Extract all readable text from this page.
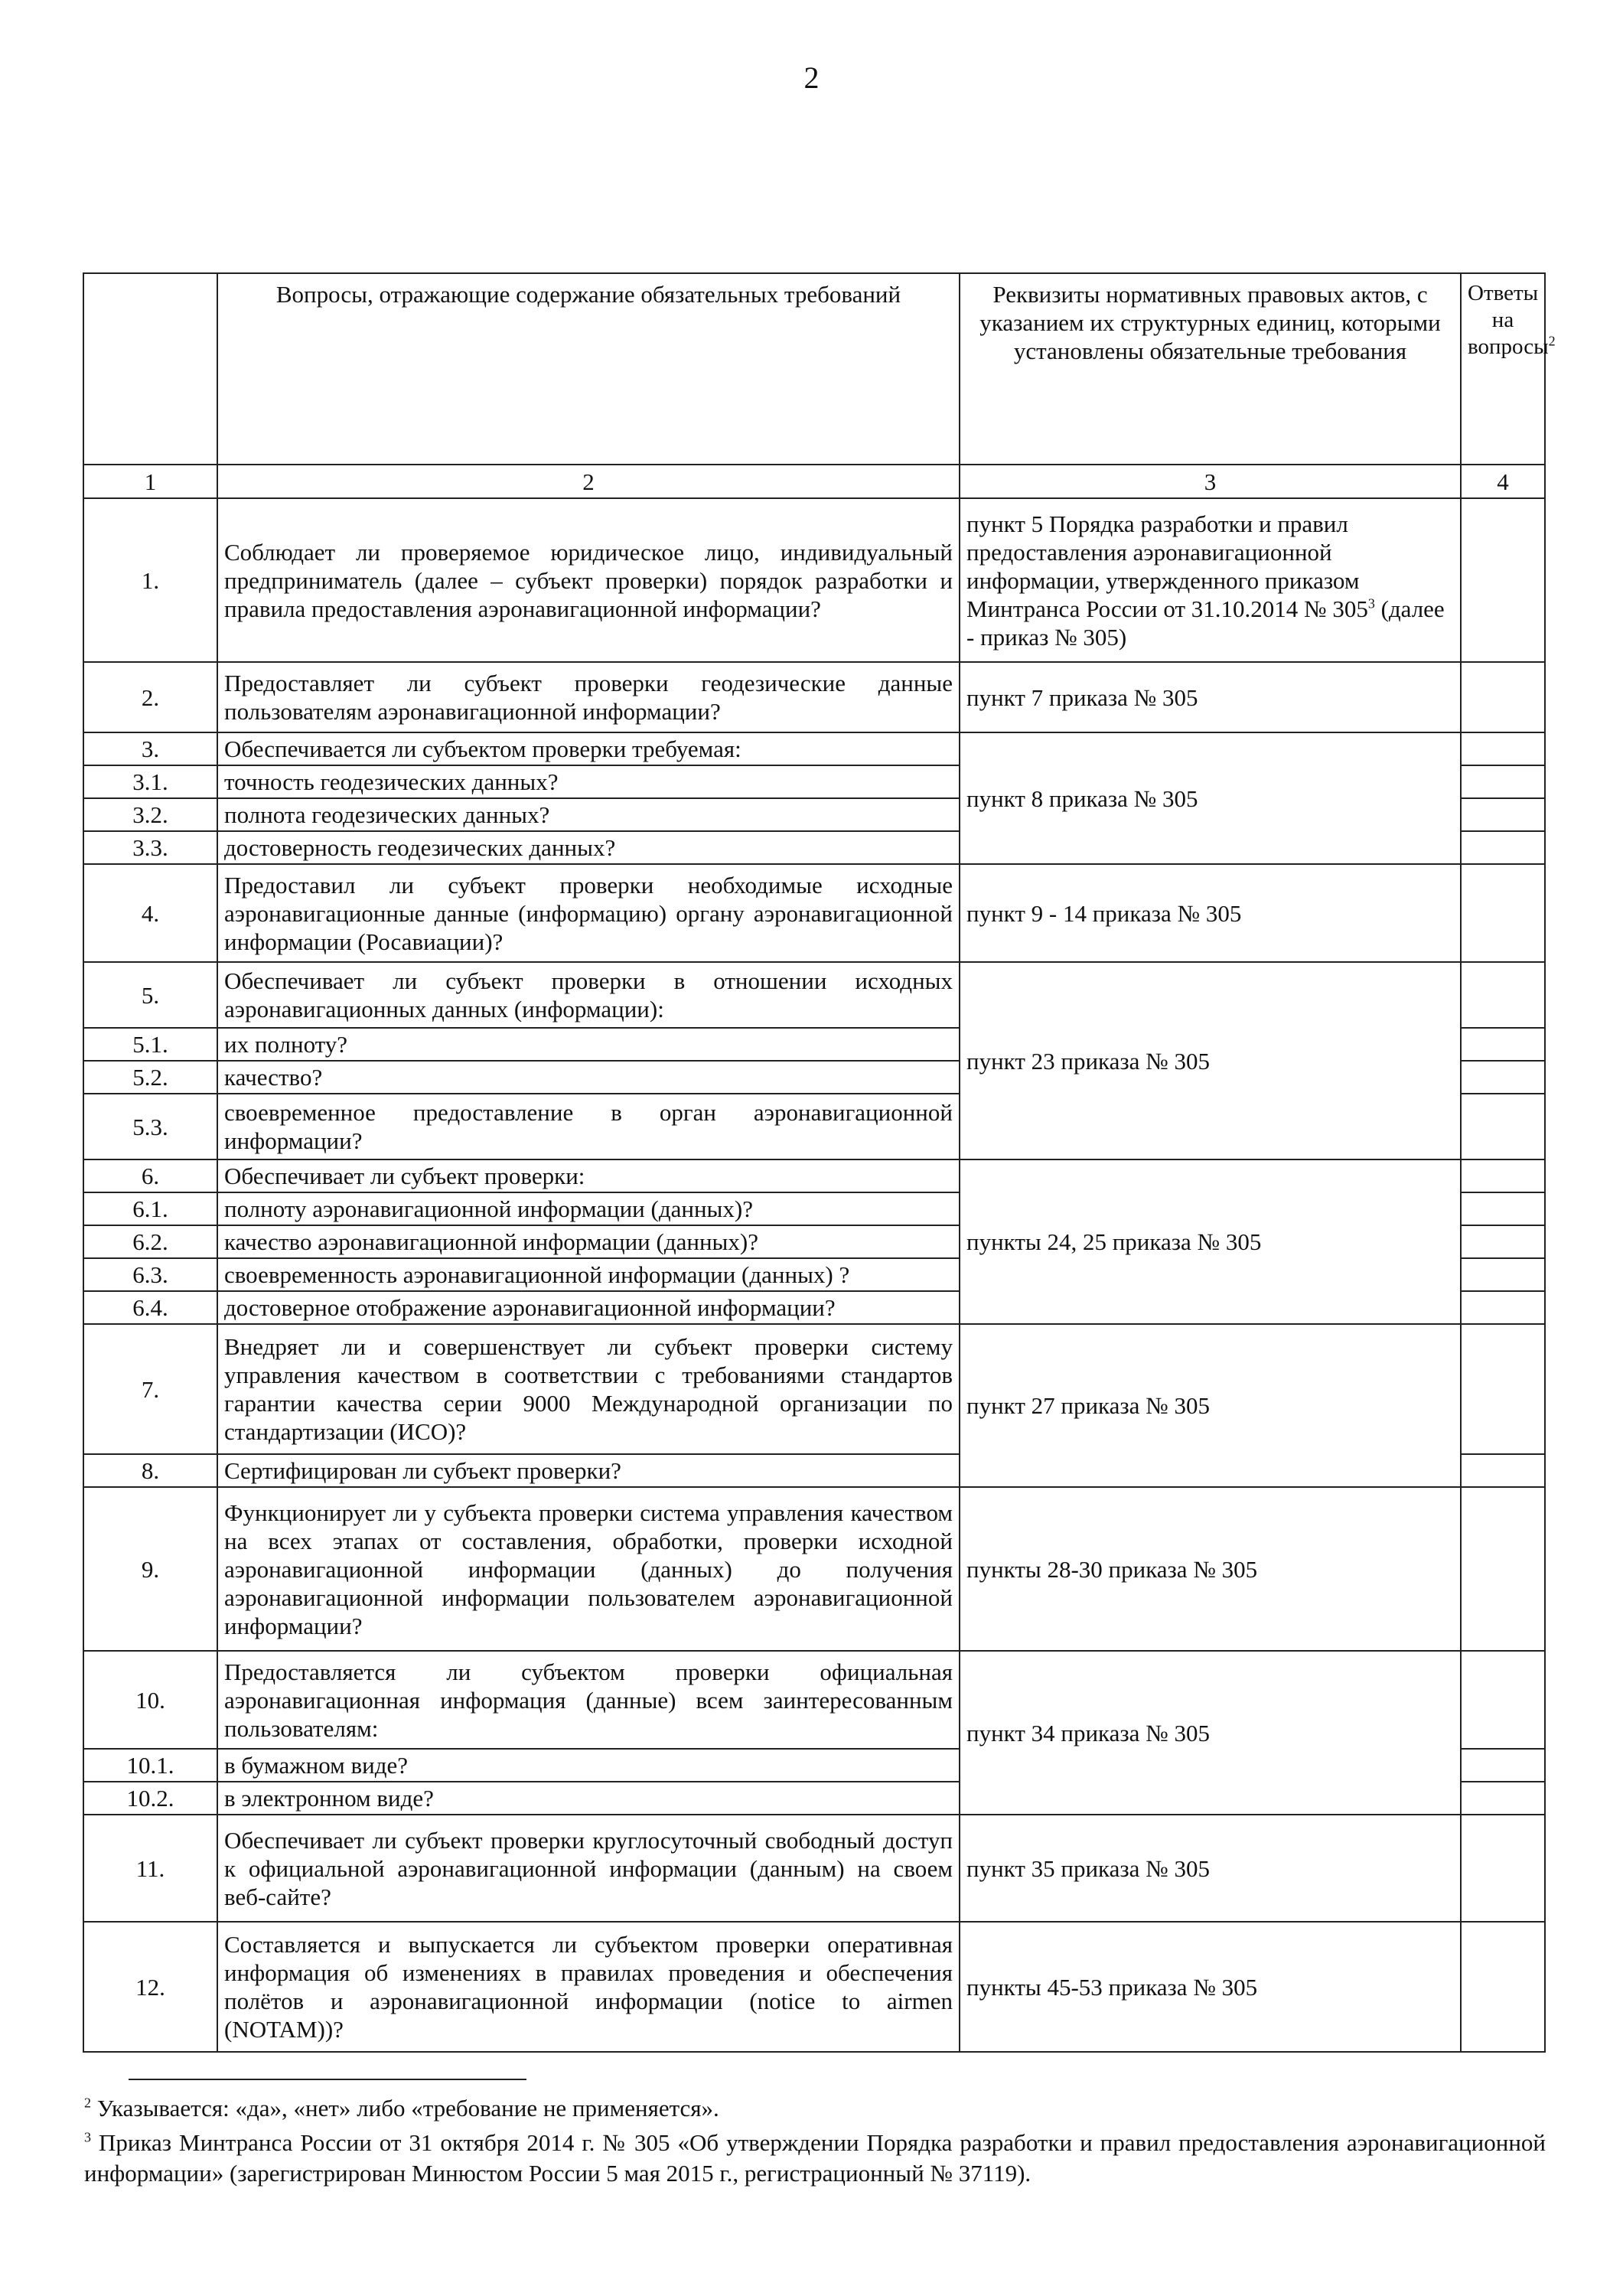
2
	Вопросы, отражающие содержание обязательных требований	Реквизиты нормативных правовых актов, с указанием их структурных единиц, которыми установлены обязательные требования	Ответы на вопросы$^2$
1	2	3	4
1.	Соблюдает ли проверяемое юридическое лицо, индивидуальный предприниматель (далее – субъект проверки) порядок разработки и правила предоставления аэронавигационной информации?	пункт 5 Порядка разработки и правил предоставления аэронавигационной информации, утвержденного приказом Минтранса России от 31.10.2014 № $305^3$ (далее - приказ № 305)	
2.	Предоставляет ли субъект проверки геодезические данные пользователям аэронавигационной информации?	пункт 7 приказа № 305	
3.	Обеспечивается ли субъектом проверки требуемая:	пункт 8 приказа № 305	
3.1.	точность геодезических данных?		
3.2.	полнота геодезических данных?		
3.3.	достоверность геодезических данных?		
4.	Предоставил ли субъект проверки необходимые исходные аэронавигационные данные (информацию) органу аэронавигационной информации (Росавиации)?	пункт 9 - 14 приказа № 305	
5.	Обеспечивает ли субъект проверки в отношении исходных аэронавигационных данных (информации):	пункт 23 приказа № 305	
5.1.	их полноту?		
5.2.	качество?		
5.3.	своевременное предоставление в орган аэронавигационной информации?		
6.	Обеспечивает ли субъект проверки:	пункты 24, 25 приказа № 305	
6.1.	полноту аэронавигационной информации (данных)?		
6.2.	качество аэронавигационной информации (данных)?		
6.3.	своевременность аэронавигационной информации (данных) ?		
6.4.	достоверное отображение аэронавигационной информации?		
7.	Внедряет ли и совершенствует ли субъект проверки систему управления качеством в соответствии с требованиями стандартов гарантии качества серии 9000 Международной организации по стандартизации (ИСО)?	пункт 27 приказа № 305	
8.	Сертифицирован ли субъект проверки?		
9.	Функционирует ли у субъекта проверки система управления качеством на всех этапах от составления, обработки, проверки исходной аэронавигационной информации (данных) до получения аэронавигационной информации пользователем аэронавигационной информации?	пункты 28-30 приказа № 305	
10.	Предоставляется ли субъектом проверки официальная аэронавигационная информация (данные) всем заинтересованным пользователям:	пункт 34 приказа № 305	
10.1.	в бумажном виде?		
10.2.	в электронном виде?		
11.	Обеспечивает ли субъект проверки круглосуточный свободный доступ к официальной аэронавигационной информации (данным) на своем веб-сайте?	пункт 35 приказа № 305	
12.	Составляется и выпускается ли субъектом проверки оперативная информация об изменениях в правилах проведения и обеспечения полётов и аэронавигационной информации (notice to airmen (NOTAM))?	пункты 45-53 приказа № 305	
$^2$ Указывается: «да», «нет» либо «требование не применяется».
$^3$ Приказ Минтранса России от 31 октября 2014 г. № 305 «Об утверждении Порядка разработки и правил предоставления аэронавигационной информации» (зарегистрирован Минюстом России 5 мая 2015 г., регистрационный № 37119).
